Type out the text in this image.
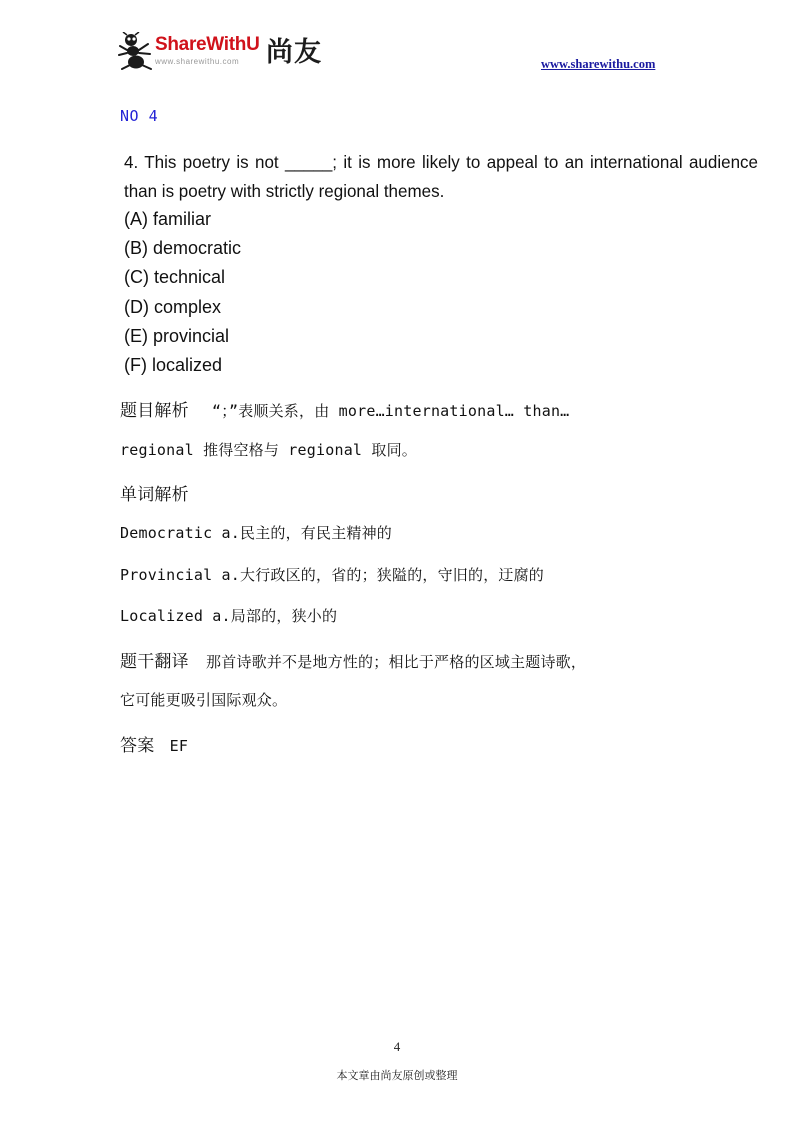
ShareWithU 尚友
www.sharewithu.com	www.sharewithu.com
NO 4
4. This poetry is not _____; it is more likely to appeal to an international audience than is poetry with strictly regional themes.
(A) familiar
(B) democratic
(C) technical
(D) complex
(E) provincial
(F) localized
题目解析 “；”表顺关系，由 more…international… than…
regional 推得空格与 regional 取同。
单词解析
Democratic a.民主的，有民主精神的
Provincial a.大行政区的，省的；狭隘的，守旧的，迂腐的
Localized a.局部的，狭小的
题干翻译 那首诗歌并不是地方性的；相比于严格的区域主题诗歌，
它可能更吸引国际观众。
答案 EF
4
本文章由尚友原创或整理
